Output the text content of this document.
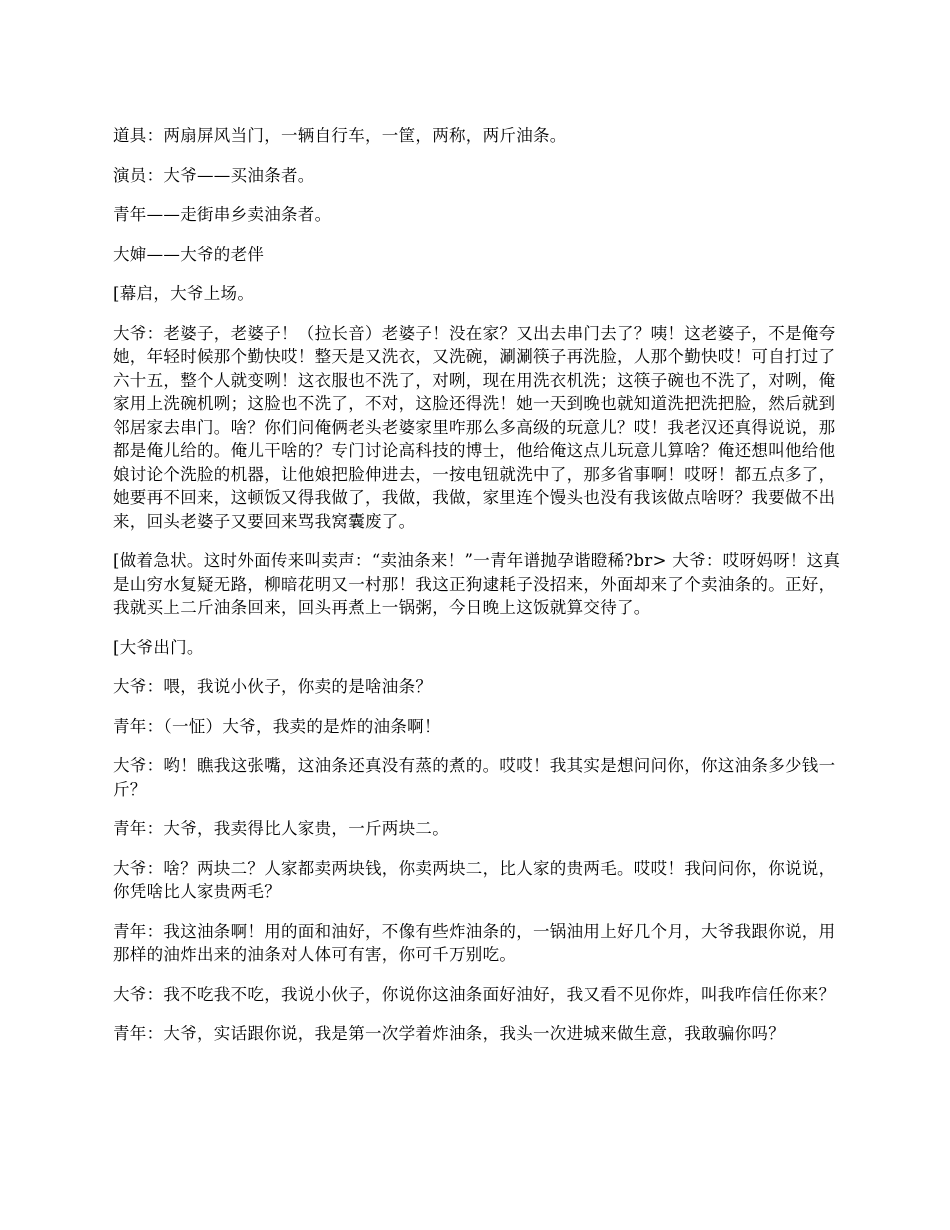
道具：两扇屏风当门，一辆自行车，一筐，两称，两斤油条。

演员：大爷——买油条者。

青年——走街串乡卖油条者。

大婶——大爷的老伴

[幕启，大爷上场。

大爷：老婆子，老婆子！（拉长音）老婆子！没在家？又出去串门去了？咦！这老婆子，不是俺夸她，年轻时候那个勤快哎！整天是又洗衣，又洗碗，涮涮筷子再洗脸，人那个勤快哎！可自打过了六十五，整个人就变咧！这衣服也不洗了，对咧，现在用洗衣机洗；这筷子碗也不洗了，对咧，俺家用上洗碗机咧；这脸也不洗了，不对，这脸还得洗！她一天到晚也就知道洗把洗把脸，然后就到邻居家去串门。啥？你们问俺俩老头老婆家里咋那么多高级的玩意儿？哎！我老汉还真得说说，那都是俺儿给的。俺儿干啥的？专门讨论高科技的博士，他给俺这点儿玩意儿算啥？俺还想叫他给他娘讨论个洗脸的机器，让他娘把脸伸进去，一按电钮就洗中了，那多省事啊！哎呀！都五点多了，她要再不回来，这顿饭又得我做了，我做，我做，家里连个馒头也没有我该做点啥呀？我要做不出来，回头老婆子又要回来骂我窝囊废了。

[做着急状。这时外面传来叫卖声：“卖油条来！”一青年谱抛孕谐瞪稀?br> 大爷：哎呀妈呀！这真是山穷水复疑无路，柳暗花明又一村那！我这正狗逮耗子没招来，外面却来了个卖油条的。正好，我就买上二斤油条回来，回头再煮上一锅粥，今日晚上这饭就算交待了。

[大爷出门。

大爷：喂，我说小伙子，你卖的是啥油条？

青年：（一怔）大爷，我卖的是炸的油条啊！

大爷：哟！瞧我这张嘴，这油条还真没有蒸的煮的。哎哎！我其实是想问问你，你这油条多少钱一斤？

青年：大爷，我卖得比人家贵，一斤两块二。

大爷：啥？两块二？人家都卖两块钱，你卖两块二，比人家的贵两毛。哎哎！我问问你，你说说，你凭啥比人家贵两毛？

青年：我这油条啊！用的面和油好，不像有些炸油条的，一锅油用上好几个月，大爷我跟你说，用那样的油炸出来的油条对人体可有害，你可千万别吃。

大爷：我不吃我不吃，我说小伙子，你说你这油条面好油好，我又看不见你炸，叫我咋信任你来？

青年：大爷，实话跟你说，我是第一次学着炸油条，我头一次进城来做生意，我敢骗你吗？
